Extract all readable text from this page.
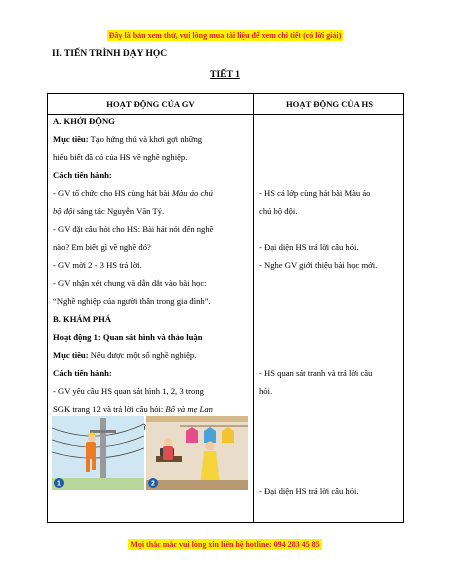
Đây là bản xem thử, vui lòng mua tài liệu để xem chi tiết (có lời giải)
II. TIẾN TRÌNH DẠY HỌC
TIẾT 1
HOẠT ĐỘNG CỦA GV	HOẠT ĐỘNG CỦA HS
A. KHỞI ĐỘNG
Mục tiêu: Tạo hứng thú và khơi gợi những
hiểu biết đã có của HS về nghề nghiệp.
Cách tiến hành:
- GV tổ chức cho HS cùng hát bài Màu áo chú
bộ đội sáng tác Nguyễn Văn Tý.
- GV đặt câu hỏi cho HS: Bài hát nói đến nghề
nào? Em biết gì về nghề đó?
- GV mời 2 - 3 HS trả lời.
- GV nhận xét chung và dẫn dắt vào bài học:
“Nghề nghiệp của người thân trong gia đình”.
B. KHÁM PHÁ
Hoạt động 1: Quan sát hình và thảo luận
Mục tiêu: Nêu được một số nghề nghiệp.
Cách tiến hành:
- GV yêu cầu HS quan sát hình 1, 2, 3 trong
SGK trang 12 và trả lời câu hỏi: Bố và mẹ Lan
1	2
- HS cả lớp cùng hát bài Màu áo
chú bộ đội.
- Đại diện HS trả lời câu hỏi.
- Nghe GV giới thiệu bài học mới.
- HS quan sát tranh và trả lời câu
hỏi.
- Đại diện HS trả lời câu hỏi.
Mọi thắc mắc vui lòng xin liên hệ hotline: 094 283 45 85
